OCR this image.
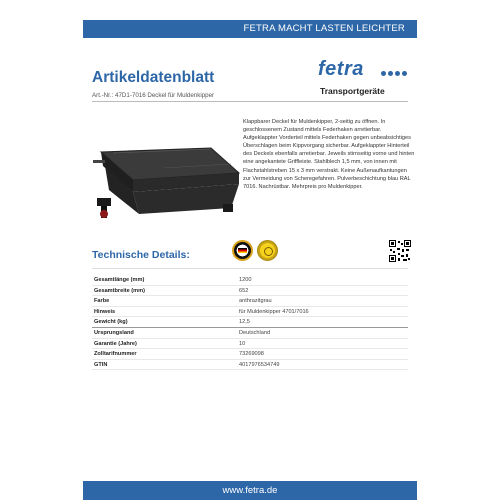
FETRA MACHT LASTEN LEICHTER
Artikeldatenblatt
Art.-Nr.: 47D1-7016 Deckel für Muldenkipper
fetra
Transportgeräte
Klappbarer Deckel für Muldenkipper, 2-seitig zu öffnen. In geschlossenem Zustand mittels Federhaken arretierbar. Aufgeklappter Vorderteil mittels Federhaken gegen unbeabsichtiges Überschlagen beim Kippvorgang sicherbar. Aufgeklappter Hinterteil des Deckels ebenfalls arretierbar. Jeweils stirnseitig vorne und hinten eine angekantete Griffleiste. Stahlblech 1,5 mm, von innen mit Flachstahlstreben 15 x 3 mm verstrakt. Keine Außenaufkantungen zur Vermeidung von Scheregefahren. Pulverbeschichtung blau RAL 7016. Nachrüstbar. Mehrpreis pro Muldenkipper.
Technische Details:
Gesamtlänge (mm)	1200
Gesamtbreite (mm)	652
Farbe	anthrazitgrau
Hinweis	für Muldenkipper 4701/7016
Gewicht (kg)	12,5
Ursprungsland	Deutschland
Garantie (Jahre)	10
Zolltarifnummer	73269098
GTIN	4017976534749
www.fetra.de
